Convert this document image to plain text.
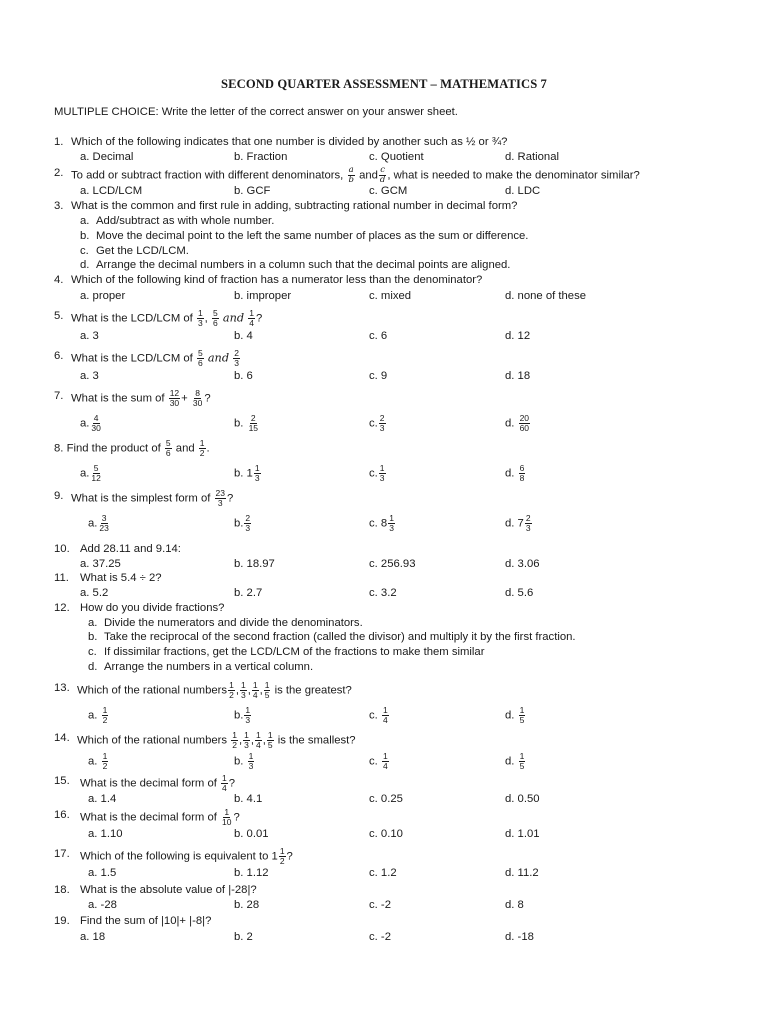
SECOND QUARTER ASSESSMENT – MATHEMATICS 7
MULTIPLE CHOICE: Write the letter of the correct answer on your answer sheet.
1. Which of the following indicates that one number is divided by another such as ½ or ¾?
a. Decimal	b. Fraction	c. Quotient	d. Rational
2. To add or subtract fraction with different denominators, $\frac{a}{b}$ and $\frac{c}{d}$ , what is needed to make the denominator similar?
a. LCD/LCM	b. GCF	c. GCM	d. LDC
3. What is the common and first rule in adding, subtracting rational number in decimal form?
a. Add/subtract as with whole number.
b. Move the decimal point to the left the same number of places as the sum or difference.
c. Get the LCD/LCM.
d. Arrange the decimal numbers in a column such that the decimal points are aligned.
4. Which of the following kind of fraction has a numerator less than the denominator?
a. proper	b. improper	c. mixed	d. none of these
5. What is the LCD/LCM of $\frac{1}{3}$ , $\frac{5}{6}$ and $\frac{1}{4}$ ?
a. 3	b. 4	c. 6	d. 12
6. What is the LCD/LCM of $\frac{5}{6}$ and $\frac{2}{3}$
a. 3	b. 6	c. 9	d. 18
7. What is the sum of $\frac{12}{30} + \frac{8}{30}$ ?
a. $\frac{4}{30}$	b. $\frac{2}{15}$	c. $\frac{2}{3}$	d. $\frac{20}{60}$
8. Find the product of $\frac{5}{6}$ and $\frac{1}{2}$ .
a. $\frac{5}{12}$	b. $1 \frac{1}{3}$	c. $\frac{1}{3}$	d. $\frac{6}{8}$
9. What is the simplest form of $\frac{23}{3}$ ?
a. $\frac{3}{23}$	b. $\frac{2}{3}$	c. $8 \frac{1}{3}$	d. $7 \frac{2}{3}$
10. Add 28.11 and 9.14:
a. 37.25	b. 18.97	c. 256.93	d. 3.06
11. What is 5.4 ÷ 2?
a. 5.2	b. 2.7	c. 3.2	d. 5.6
12. How do you divide fractions?
a. Divide the numerators and divide the denominators.
b. Take the reciprocal of the second fraction (called the divisor) and multiply it by the first fraction.
c. If dissimilar fractions, get the LCD/LCM of the fractions to make them similar
d. Arrange the numbers in a vertical column.
13. Which of the rational numbers $\frac{1}{2}$ , $\frac{1}{3}$ , $\frac{1}{4}$ , $\frac{1}{5}$ is the greatest?
a. $\frac{1}{2}$	b. $\frac{1}{3}$	c. $\frac{1}{4}$	d. $\frac{1}{5}$
14. Which of the rational numbers $\frac{1}{2}$ , $\frac{1}{3}$ , $\frac{1}{4}$ , $\frac{1}{5}$ is the smallest?
a. $\frac{1}{2}$	b. $\frac{1}{3}$	c. $\frac{1}{4}$	d. $\frac{1}{5}$
15. What is the decimal form of $\frac{1}{4}$ ?
a. 1.4	b. 4.1	c. 0.25	d. 0.50
16. What is the decimal form of $\frac{1}{10}$ ?
a. 1.10	b. 0.01	c. 0.10	d. 1.01
17. Which of the following is equivalent to $1 \frac{1}{2}$ ?
a. 1.5	b. 1.12	c. 1.2	d. 11.2
18. What is the absolute value of |-28|?
a. -28	b. 28	c. -2	d. 8
19. Find the sum of |10|+ |-8|?
a. 18	b. 2	c. -2	d. -18
